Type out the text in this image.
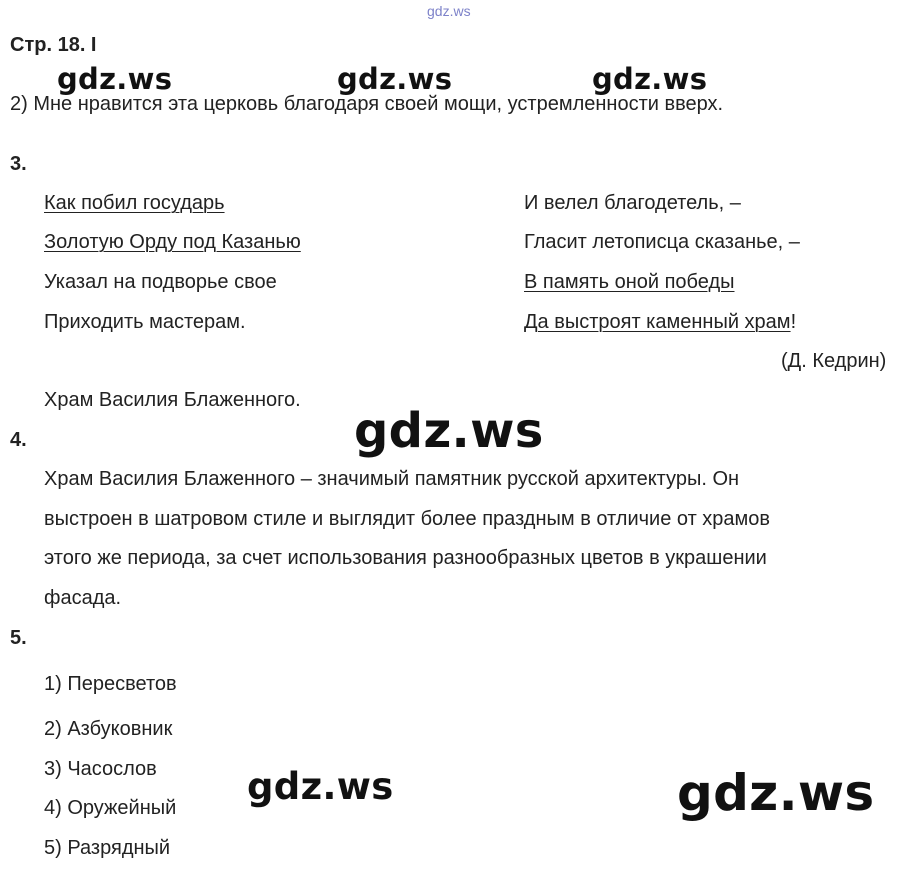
gdz.ws
Стр. 18. І
gdz.ws	gdz.ws	gdz.ws
2) Мне нравится эта церковь благодаря своей мощи, устремленности вверх.
3.
Как побил государь
Золотую Орду под Казанью
Указал на подворье свое
Приходить мастерам.
И велел благодетель, –
Гласит летописца сказанье, –
В память оной победы
Да выстроят каменный храм!
(Д. Кедрин)
Храм Василия Блаженного.
gdz.ws
4.
Храм Василия Блаженного – значимый памятник русской архитектуры. Он
выстроен в шатровом стиле и выглядит более праздным в отличие от храмов
этого же периода, за счет использования разнообразных цветов в украшении
фасада.
5.
1) Пересветов
2) Азбуковник
3) Часослов
4) Оружейный
5) Разрядный
gdz.ws	gdz.ws
